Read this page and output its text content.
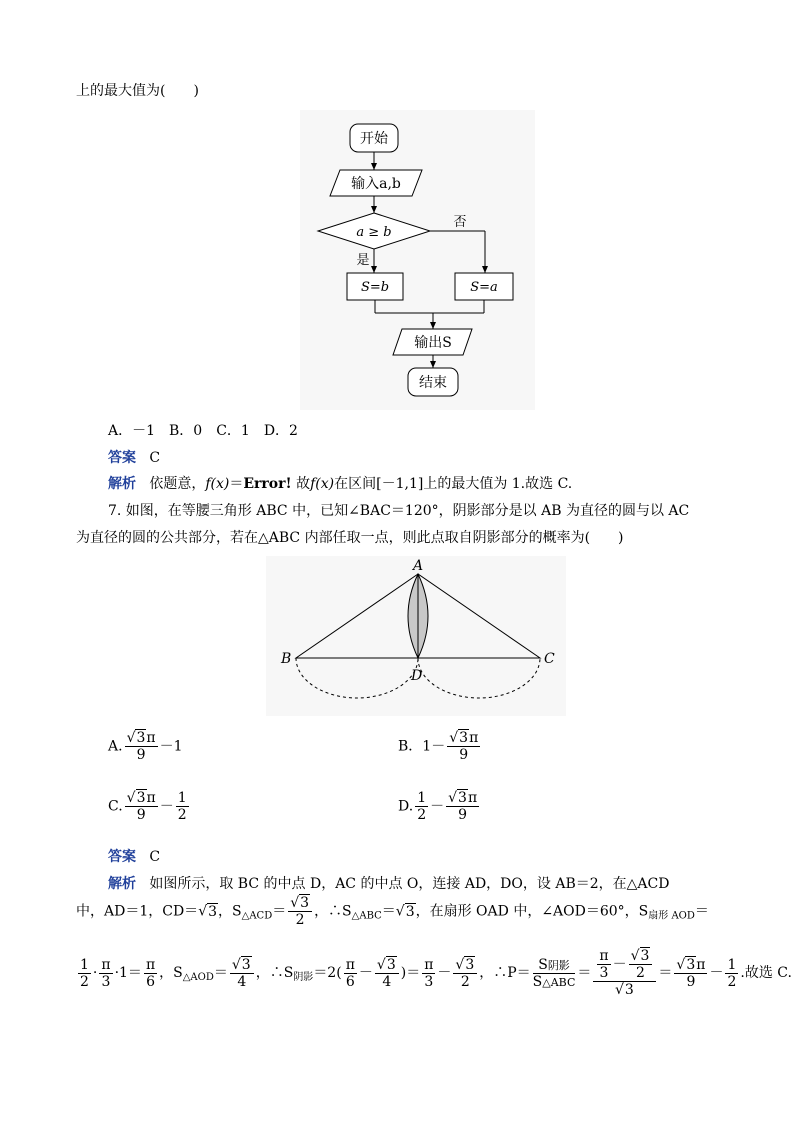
上的最大值为(　　)
开始
输入a,b
a ≥ b
否
是
S=b	S=a
输出S
结束
A．－1　B．0　C．1　D．2
答案 C
解析 依题意，f(x)＝Error! 故f(x)在区间[－1,1]上的最大值为 1.故选 C.
7. 如图，在等腰三角形 ABC 中，已知∠BAC＝120°，阴影部分是以 AB 为直径的圆与以 AC
为直径的圆的公共部分，若在△ABC 内部任取一点，则此点取自阴影部分的概率为(　　)
A
B	C
D
A. $\frac{√3\pi}{9} -1$	B．$1- \frac{√3\pi}{9}$
C. $\frac{√3\pi}{9} - \frac{1}{2}$	D. $\frac{1}{2} - \frac{√3\pi}{9}$
答案 C
解析 如图所示，取 BC 的中点 D，AC 的中点 O，连接 AD，DO，设 AB＝2，在△ACD
中，AD＝1，CD＝√3，$S_{\triangle ACD}= \frac{√3}{2}$ ，$\therefore S_{\triangle ABC}=√3$，在扇形 OAD 中，∠AOD＝60°，$S_{扇形 AOD}=$
$\frac{1}{2} \cdot \frac{\pi}{3} \cdot 1= \frac{\pi}{6}$ ，$S_{\triangle AOD}= \frac{√3}{4}$ ，$\therefore S_{阴影}=2( \frac{\pi}{6} - \frac{√3}{4}$ )＝ $\frac{\pi}{3} - \frac{√3}{2}$ ，∴P＝ $\frac{\text{S阴影}}{\text{S△ABC}} = \frac{\frac{\pi}{3} - \frac{√3}{2}}{√3} = \frac{√3\pi}{9} - \frac{1}{2}$ .故选 C.
